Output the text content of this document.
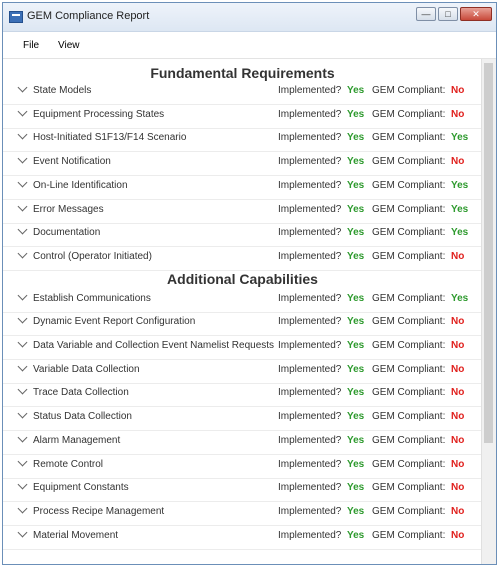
GEM Compliance Report	—	□	✕
File View
Fundamental Requirements
State Models	Implemented? Yes GEM Compliant: No
Equipment Processing States	Implemented? Yes GEM Compliant: No
Host-Initiated S1F13/F14 Scenario	Implemented? Yes GEM Compliant: Yes
Event Notification	Implemented? Yes GEM Compliant: No
On-Line Identification	Implemented? Yes GEM Compliant: Yes
Error Messages	Implemented? Yes GEM Compliant: Yes
Documentation	Implemented? Yes GEM Compliant: Yes
Control (Operator Initiated)	Implemented? Yes GEM Compliant: No
Additional Capabilities
Establish Communications	Implemented? Yes GEM Compliant: Yes
Dynamic Event Report Configuration	Implemented? Yes GEM Compliant: No
Data Variable and Collection Event Namelist Requests Implemented? Yes GEM Compliant: No
Variable Data Collection	Implemented? Yes GEM Compliant: No
Trace Data Collection	Implemented? Yes GEM Compliant: No
Status Data Collection	Implemented? Yes GEM Compliant: No
Alarm Management	Implemented? Yes GEM Compliant: No
Remote Control	Implemented? Yes GEM Compliant: No
Equipment Constants	Implemented? Yes GEM Compliant: No
Process Recipe Management	Implemented? Yes GEM Compliant: No
Material Movement	Implemented? Yes GEM Compliant: No
